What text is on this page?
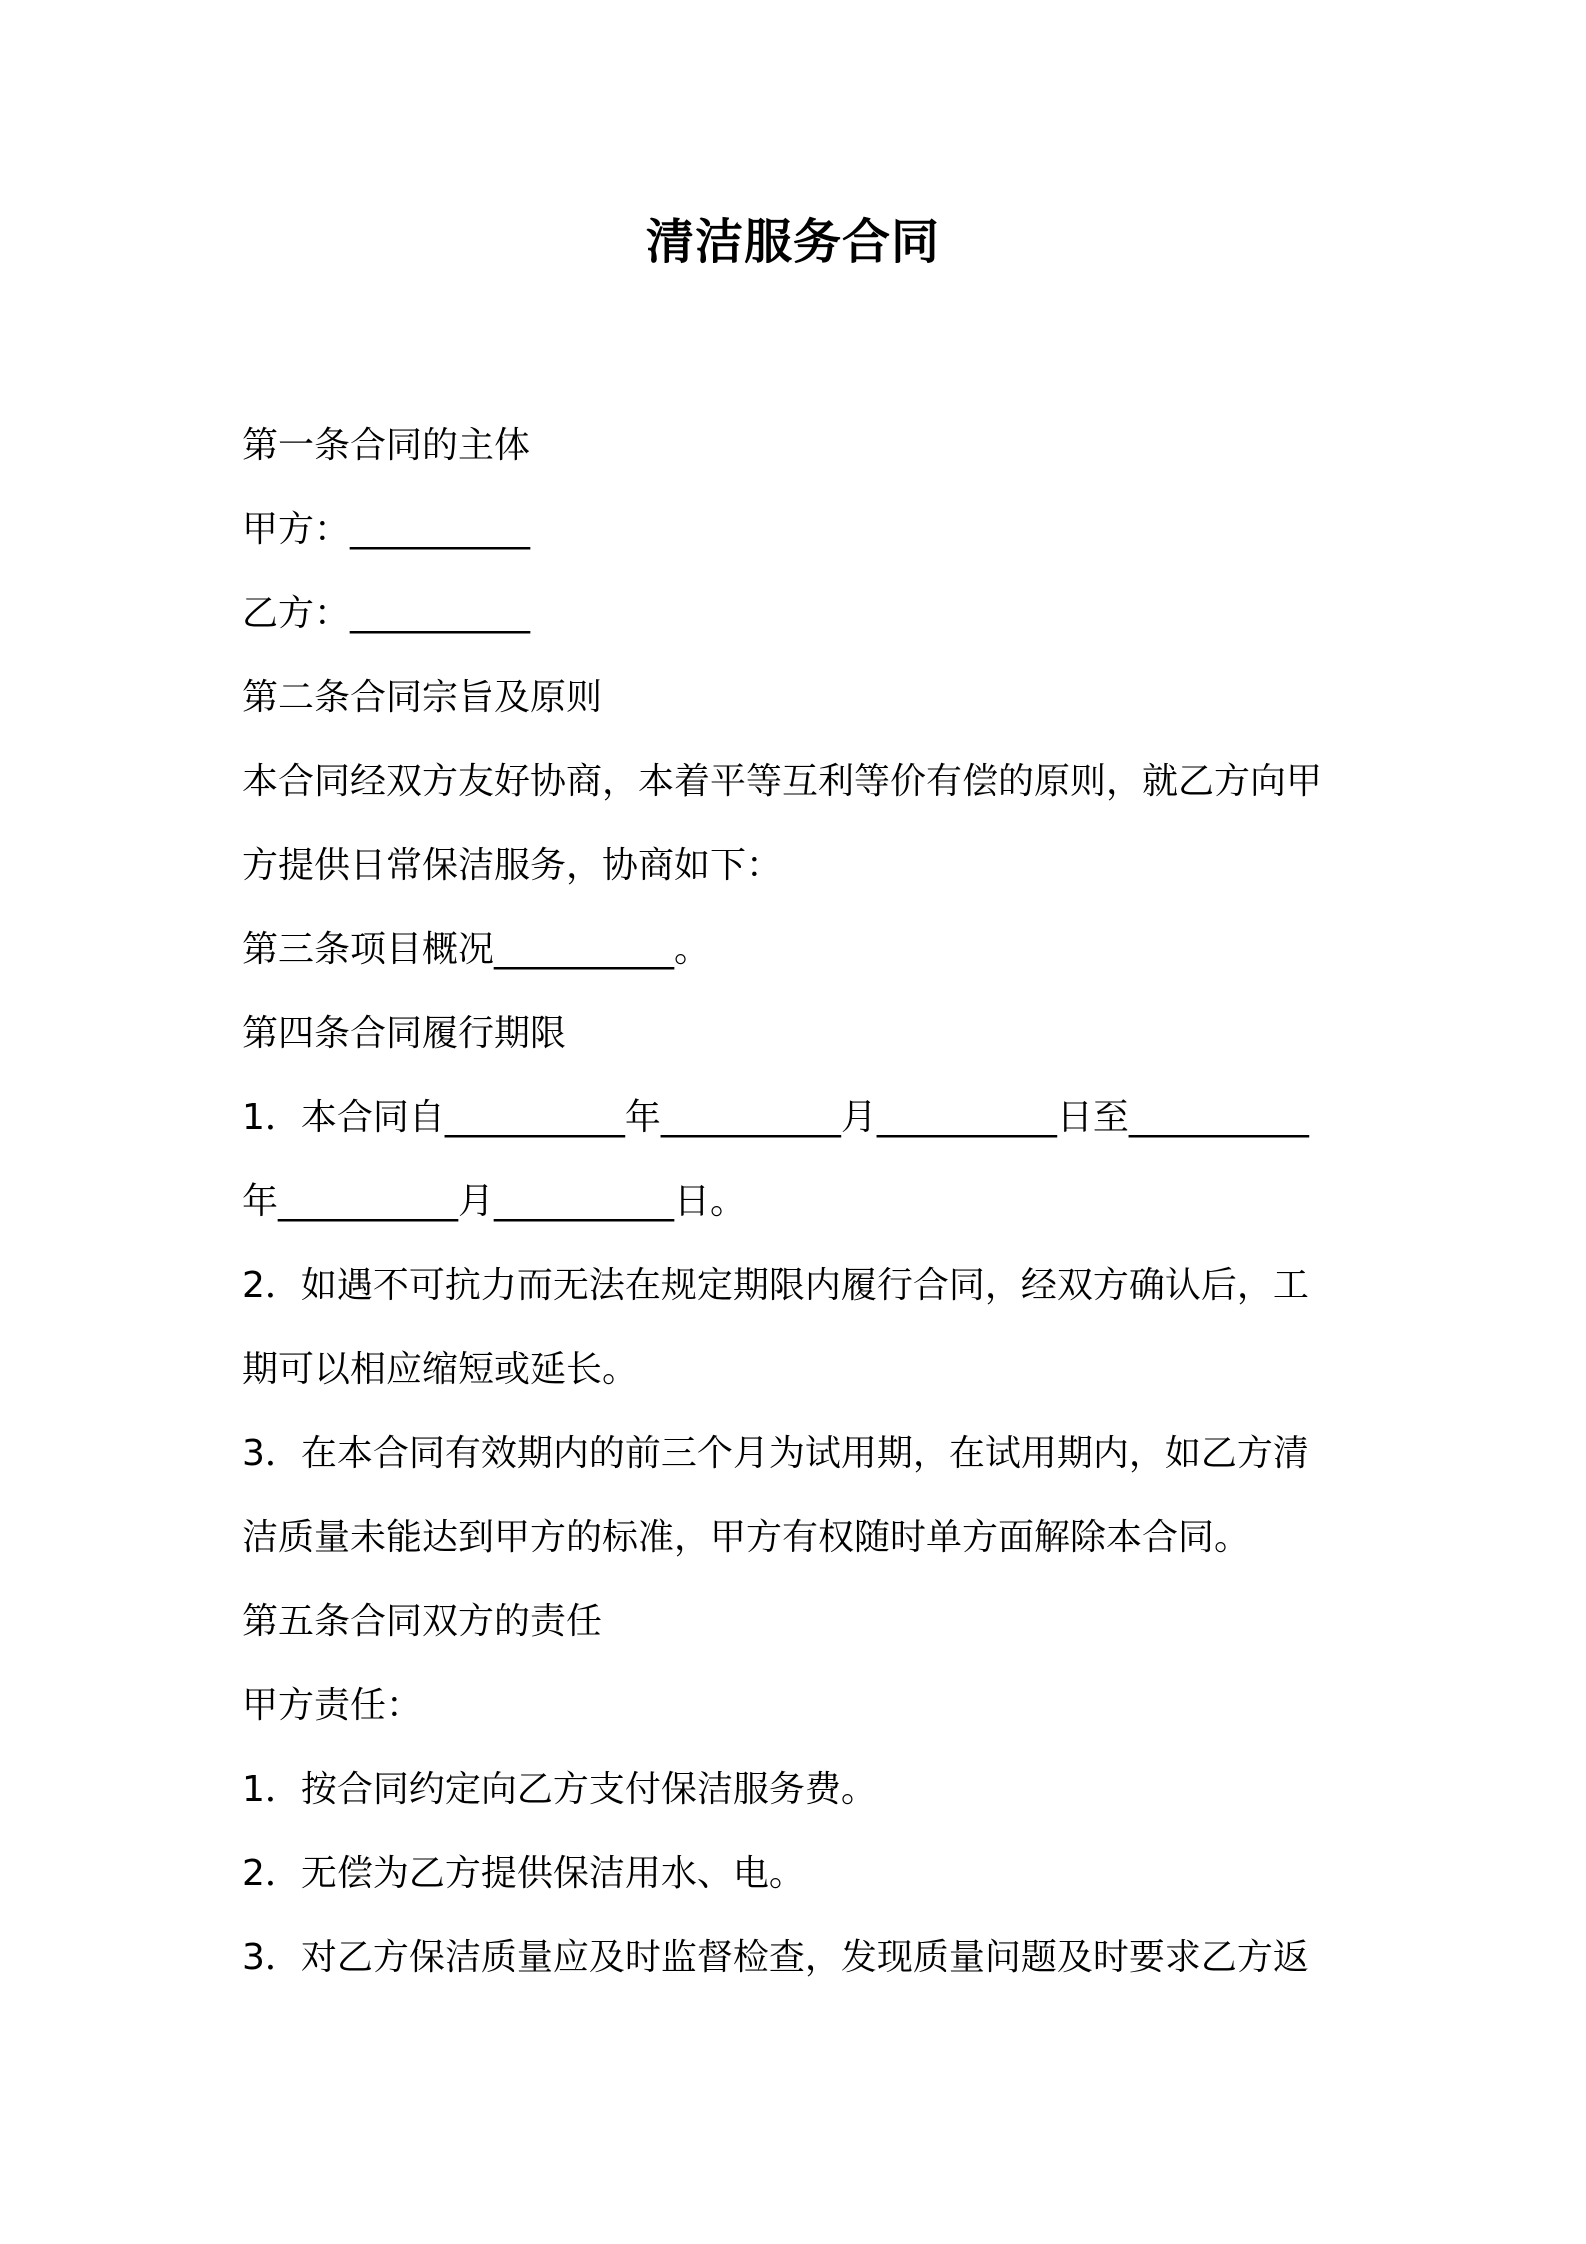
清洁服务合同
第一条合同的主体
甲方：__________
乙方：__________
第二条合同宗旨及原则
本合同经双方友好协商，本着平等互利等价有偿的原则，就乙方向甲
方提供日常保洁服务，协商如下：
第三条项目概况__________。
第四条合同履行期限
1．本合同自__________年__________月__________日至__________
年__________月__________日。
2．如遇不可抗力而无法在规定期限内履行合同，经双方确认后，工
期可以相应缩短或延长。
3．在本合同有效期内的前三个月为试用期，在试用期内，如乙方清
洁质量未能达到甲方的标准，甲方有权随时单方面解除本合同。
第五条合同双方的责任
甲方责任：
1．按合同约定向乙方支付保洁服务费。
2．无偿为乙方提供保洁用水、电。
3．对乙方保洁质量应及时监督检查，发现质量问题及时要求乙方返
